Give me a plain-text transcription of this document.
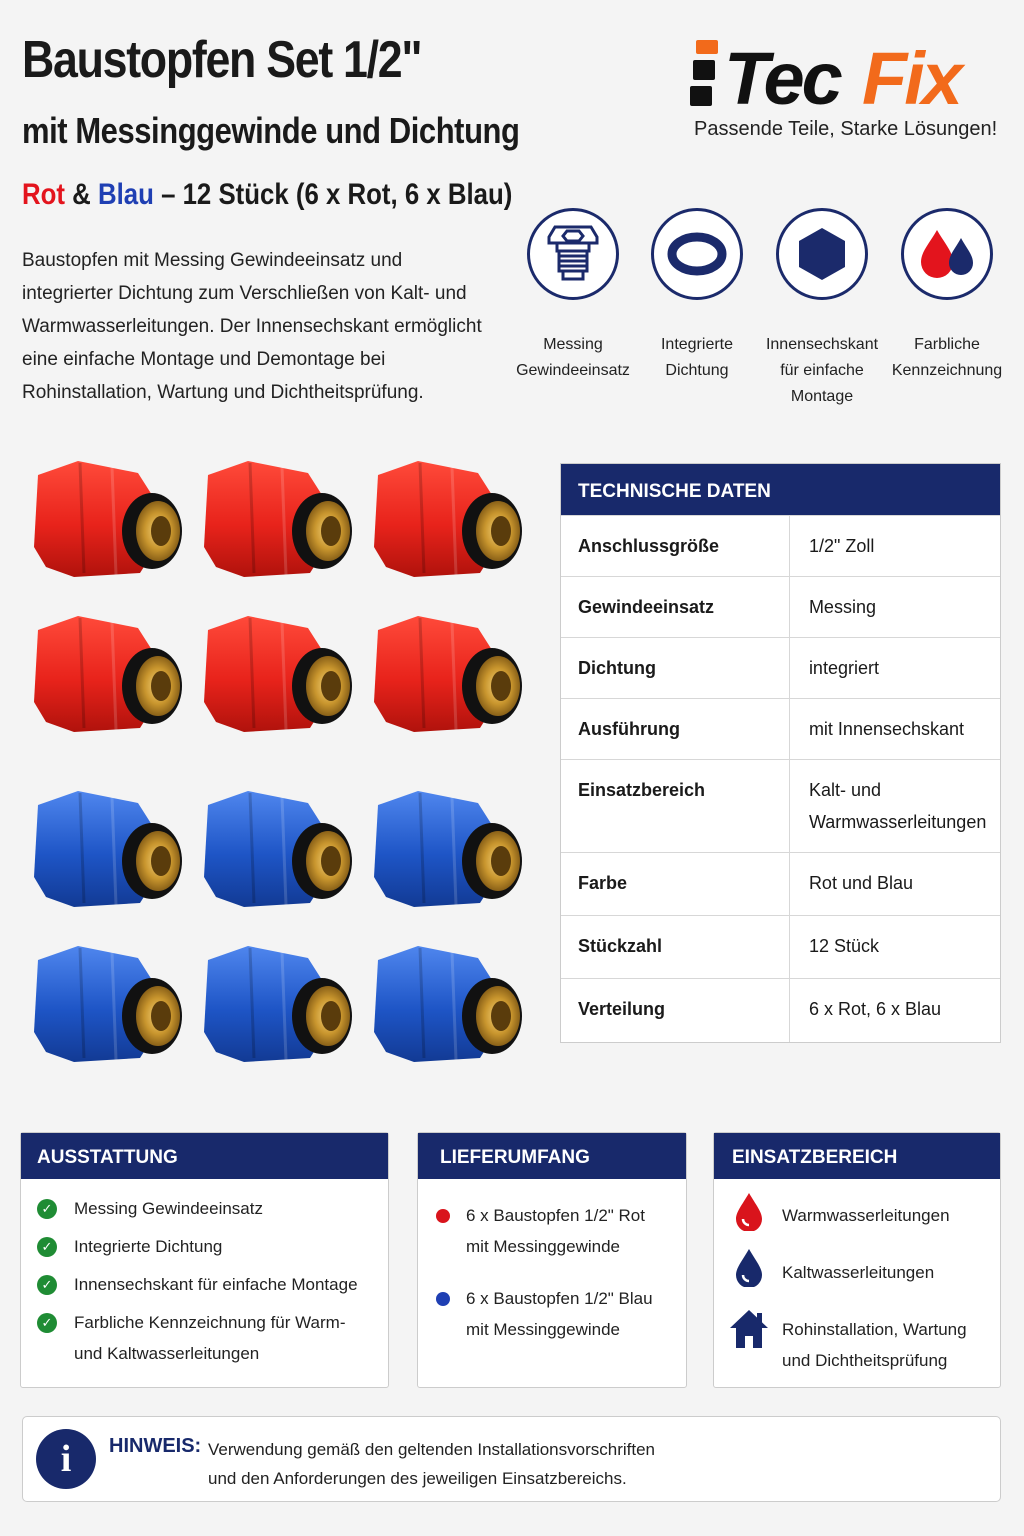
Baustopfen Set 1/2"
mit Messinggewinde und Dichtung
Rot & Blau – 12 Stück (6 x Rot, 6 x Blau)
Baustopfen mit Messing Gewindeeinsatz und integrierter Dichtung zum Verschließen von Kalt- und Warmwasserleitungen. Der Innensechskant ermöglicht eine einfache Montage und Demontage bei Rohinstallation, Wartung und Dichtheitsprüfung.
Tec Fix
Passende Teile, Starke Lösungen!
Messing
Gewindeeinsatz
Integrierte
Dichtung
Innensechskant
für einfache
Montage
Farbliche
Kennzeichnung
TECHNISCHE DATEN
Anschlussgröße	1/2" Zoll
Gewindeeinsatz	Messing
Dichtung	integriert
Ausführung	mit Innensechskant
Einsatzbereich	Kalt- und Warmwasserleitungen
Farbe	Rot und Blau
Stückzahl	12 Stück
Verteilung	6 x Rot, 6 x Blau
AUSSTATTUNG
✓ Messing Gewindeeinsatz
✓ Integrierte Dichtung
✓ Innensechskant für einfache Montage
✓ Farbliche Kennzeichnung für Warm- und Kaltwasserleitungen
LIEFERUMFANG
6 x Baustopfen 1/2" Rot
mit Messinggewinde
6 x Baustopfen 1/2" Blau
mit Messinggewinde
EINSATZBEREICH
Warmwasserleitungen
Kaltwasserleitungen
Rohinstallation, Wartung
und Dichtheitsprüfung
i	HINWEIS: Verwendung gemäß den geltenden Installationsvorschriften
und den Anforderungen des jeweiligen Einsatzbereichs.
